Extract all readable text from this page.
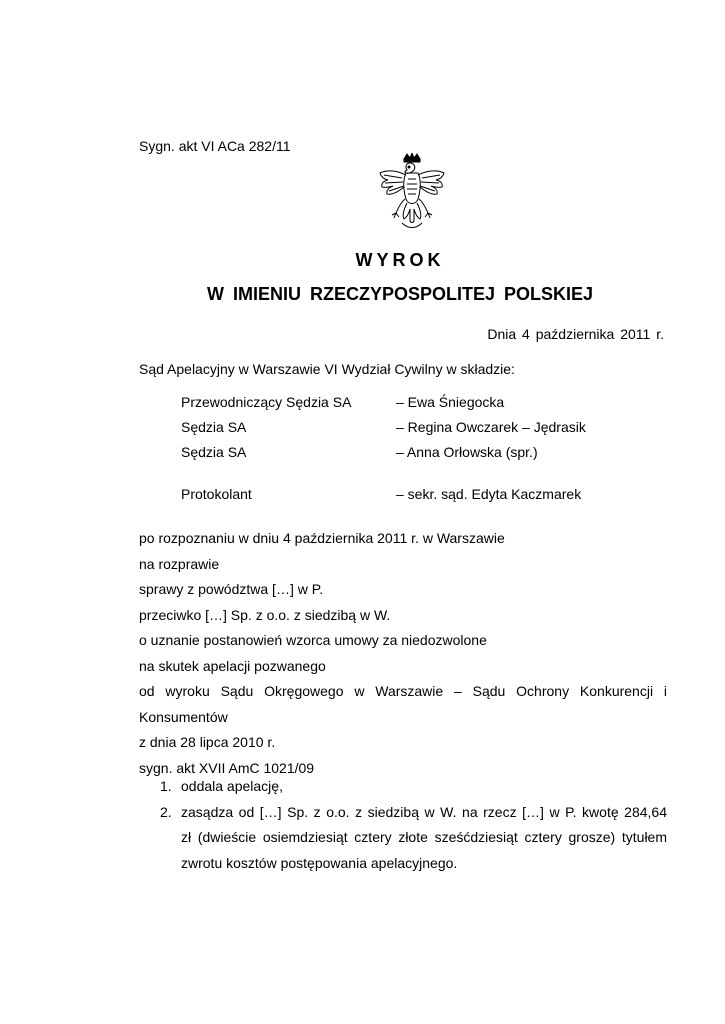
Sygn. akt VI ACa 282/11
WYROK
W IMIENIU RZECZYPOSPOLITEJ POLSKIEJ
Dnia 4 października 2011 r.
Sąd Apelacyjny w Warszawie VI Wydział Cywilny w składzie:
Przewodniczący Sędzia SA	– Ewa Śniegocka
Sędzia SA	– Regina Owczarek – Jędrasik
Sędzia SA	– Anna Orłowska (spr.)
Protokolant	– sekr. sąd. Edyta Kaczmarek
po rozpoznaniu w dniu 4 października 2011 r. w Warszawie
na rozprawie
sprawy z powództwa […] w P.
przeciwko […] Sp. z o.o. z siedzibą w W.
o uznanie postanowień wzorca umowy za niedozwolone
na skutek apelacji pozwanego
od wyroku Sądu Okręgowego w Warszawie – Sądu Ochrony Konkurencji i
Konsumentów
z dnia 28 lipca 2010 r.
sygn. akt XVII AmC 1021/09
1. oddala apelację,
2. zasądza od […] Sp. z o.o. z siedzibą w W. na rzecz […] w P. kwotę 284,64
zł (dwieście osiemdziesiąt cztery złote sześćdziesiąt cztery grosze) tytułem
zwrotu kosztów postępowania apelacyjnego.
